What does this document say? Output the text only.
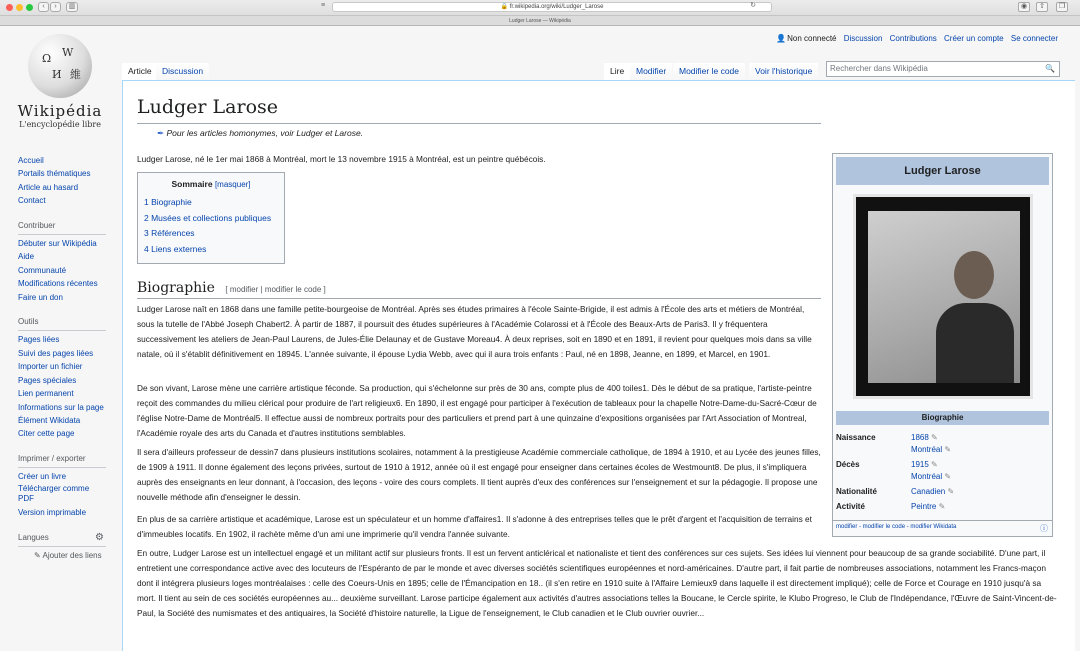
‹	›	▥	≡	🔒 fr.wikipedia.org/wiki/Ludger_Larose	↻	◉	⇧	❐
Ludger Larose — Wikipédia
Ω W
И 維
Wikipédia
L'encyclopédie libre
Accueil
Portails thématiques
Article au hasard
Contact
Contribuer
Débuter sur Wikipédia
Aide
Communauté
Modifications récentes
Faire un don
Outils
Pages liées
Suivi des pages liées
Importer un fichier
Pages spéciales
Lien permanent
Informations sur la page
Élément Wikidata
Citer cette page
Imprimer / exporter
Créer un livre
Télécharger comme PDF
Version imprimable
Langues	⚙
✎ Ajouter des liens
👤Non connecté Discussion Contributions Créer un compte Se connecter
Article	Discussion	Lire	Modifier	Modifier le code	Voir l'historique	Rechercher dans Wikipédia	🔍
Ludger Larose
✒ Pour les articles homonymes, voir Ludger et Larose.
Ludger Larose, né le 1er mai 1868 à Montréal, mort le 13 novembre 1915 à Montréal, est un peintre québécois.
Sommaire [masquer]
1 Biographie
2 Musées et collections publiques
3 Références
4 Liens externes
Biographie [ modifier | modifier le code ]
Ludger Larose naît en 1868 dans une famille petite-bourgeoise de Montréal. Après ses études primaires à l'école Sainte-Brigide, il est admis à l'École des arts et métiers de Montréal, sous la tutelle de l'Abbé Joseph Chabert2. À partir de 1887, il poursuit des études supérieures à l'Académie Colarossi et à l'École des Beaux-Arts de Paris3. Il y fréquentera successivement les ateliers de Jean-Paul Laurens, de Jules-Élie Delaunay et de Gustave Moreau4. À deux reprises, soit en 1890 et en 1891, il revient pour quelques mois dans sa ville natale, où il s'établit définitivement en 18945. L'année suivante, il épouse Lydia Webb, avec qui il aura trois enfants : Paul, né en 1898, Jeanne, en 1899, et Marcel, en 1901.
De son vivant, Larose mène une carrière artistique féconde. Sa production, qui s'échelonne sur près de 30 ans, compte plus de 400 toiles1. Dès le début de sa pratique, l'artiste-peintre reçoit des commandes du milieu clérical pour produire de l'art religieux6. En 1890, il est engagé pour participer à l'exécution de tableaux pour la chapelle Notre-Dame-du-Sacré-Cœur de l'église Notre-Dame de Montréal5. Il effectue aussi de nombreux portraits pour des particuliers et prend part à une quinzaine d'expositions organisées par l'Art Association of Montreal, l'Académie royale des arts du Canada et d'autres institutions semblables.
Il sera d'ailleurs professeur de dessin7 dans plusieurs institutions scolaires, notamment à la prestigieuse Académie commerciale catholique, de 1894 à 1910, et au Lycée des jeunes filles, de 1909 à 1911. Il donne également des leçons privées, surtout de 1910 à 1912, année où il est engagé pour enseigner dans certaines écoles de Westmount8. De plus, il s'impliquera auprès des enseignants en leur donnant, à l'occasion, des leçons - voire des cours complets. Il tient auprès d'eux des conférences sur l'enseignement et sur la pédagogie. Il propose une nouvelle méthode afin d'enseigner le dessin.
En plus de sa carrière artistique et académique, Larose est un spéculateur et un homme d'affaires1. Il s'adonne à des entreprises telles que le prêt d'argent et l'acquisition de terrains et d'immeubles locatifs. En 1902, il rachète même d'un ami une imprimerie qu'il vendra l'année suivante.
En outre, Ludger Larose est un intellectuel engagé et un militant actif sur plusieurs fronts. Il est un fervent anticlérical et nationaliste et tient des conférences sur ces sujets. Ses idées lui viennent pour beaucoup de sa grande sociabilité. D'une part, il entretient une correspondance active avec des locuteurs de l'Espéranto de par le monde et avec diverses sociétés scientifiques européennes et nord-américaines. D'autre part, il fait partie de nombreuses associations, notamment les Francs-maçon dont il intégrera plusieurs loges montréalaises : celle des Coeurs-Unis en 1895; celle de l'Émancipation en 18.. (il s'en retire en 1910 suite à l'Affaire Lemieux9 dans laquelle il est directement impliqué); celle de Force et Courage en 1910 jusqu'à sa mort. Il tient au sein de ces sociétés européennes au... deuxième surveillant. Larose participe également aux activités d'autres associations telles la Boucane, le Cercle spirite, le Klubo Progreso, le Club de l'Indépendance, l'Œuvre de Saint-Vincent-de-Paul, la Société des numismates et des antiquaires, la Société d'histoire naturelle, la Ligue de l'enseignement, le Club canadien et le Club ouvrier ouvrier...
Ludger Larose
Biographie
Naissance	1868 ✎
Montréal ✎
Décès	1915 ✎
Montréal ✎
Nationalité	Canadien ✎
Activité	Peintre ✎
modifier - modifier le code - modifier Wikidata	ⓘ
